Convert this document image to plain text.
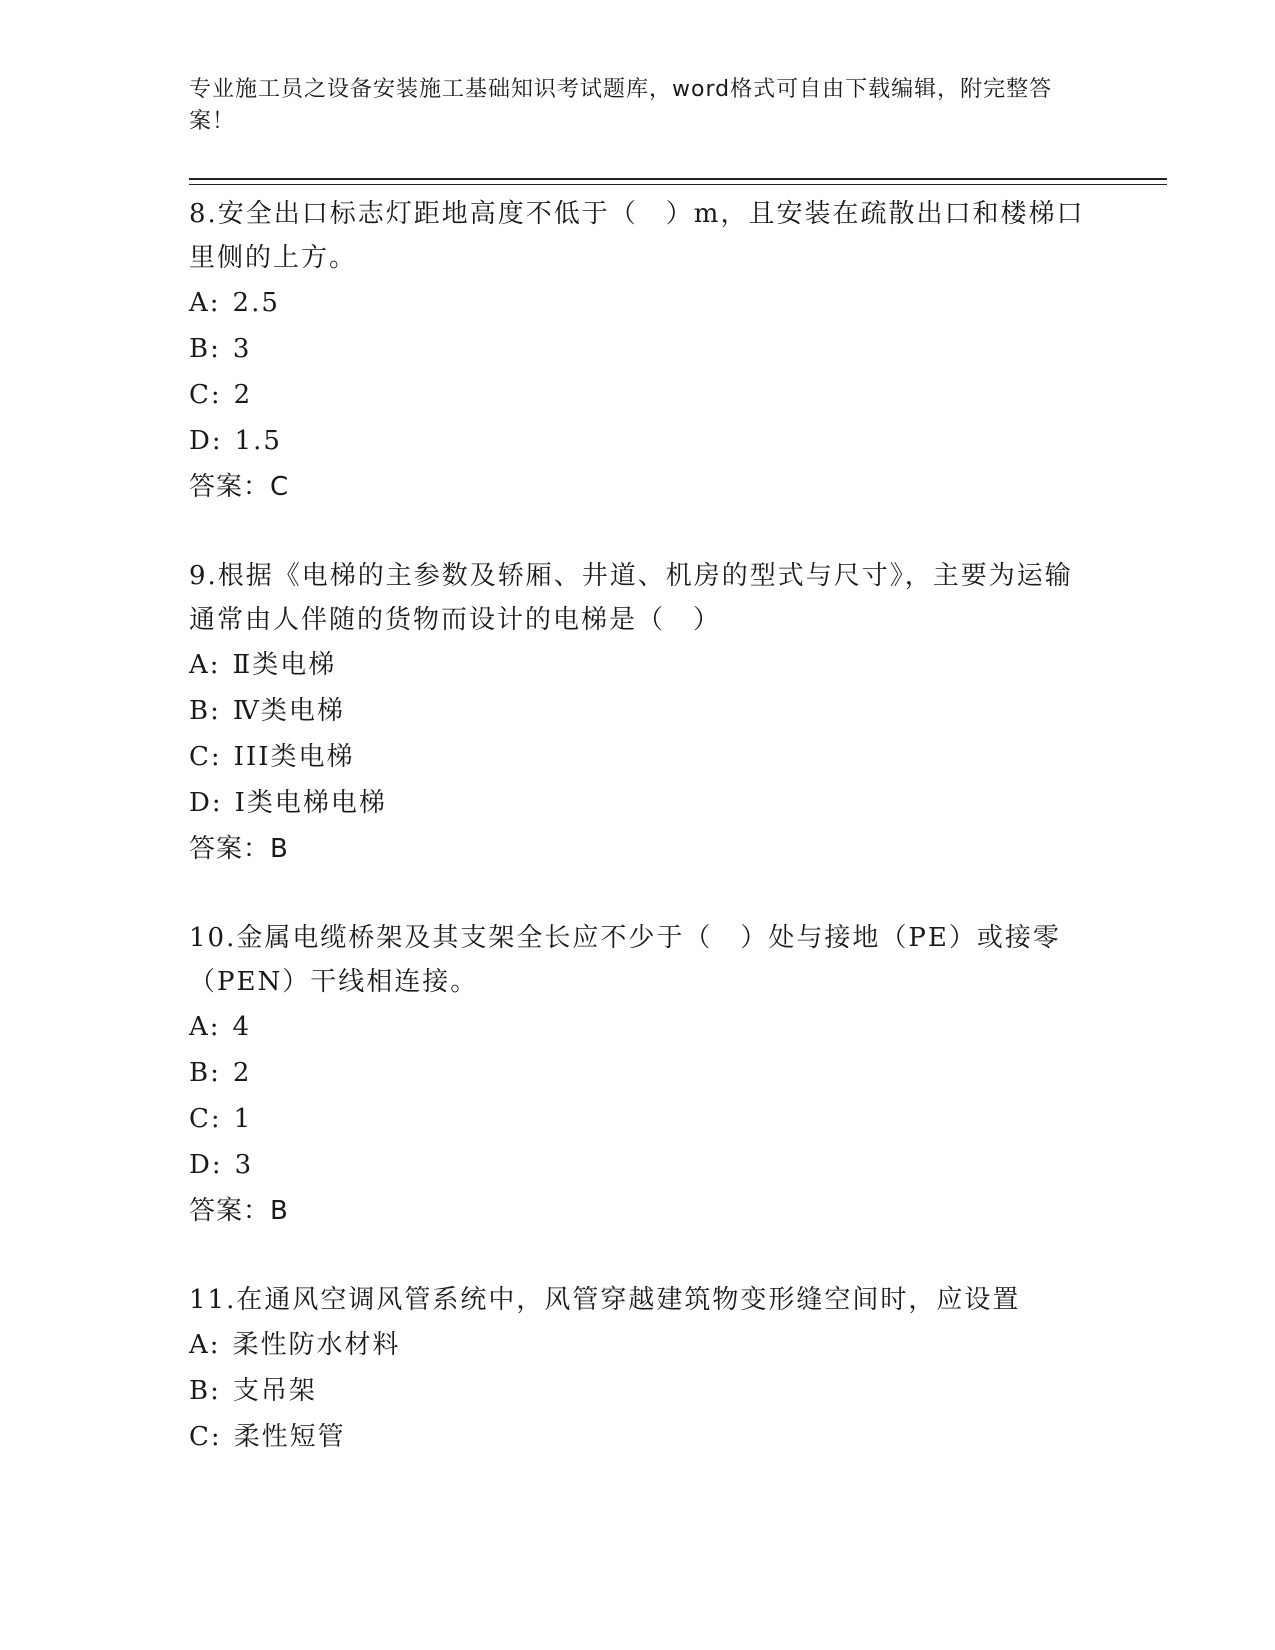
专业施工员之设备安装施工基础知识考试题库，word格式可自由下载编辑，附完整答案！

8.安全出口标志灯距地高度不低于（　）m，且安装在疏散出口和楼梯口里侧的上方。

A: 2.5

B: 3

C: 2

D: 1.5

答案：C

9.根据《电梯的主参数及轿厢、井道、机房的型式与尺寸》，主要为运输通常由人伴随的货物而设计的电梯是（　）

A: Ⅱ类电梯

B: Ⅳ类电梯

C: III类电梯

D: Ⅰ类电梯电梯

答案：B

10.金属电缆桥架及其支架全长应不少于（　）处与接地（PE）或接零（PEN）干线相连接。

A: 4

B: 2

C: 1

D: 3

答案：B

11.在通风空调风管系统中，风管穿越建筑物变形缝空间时，应设置

A: 柔性防水材料

B: 支吊架

C: 柔性短管
